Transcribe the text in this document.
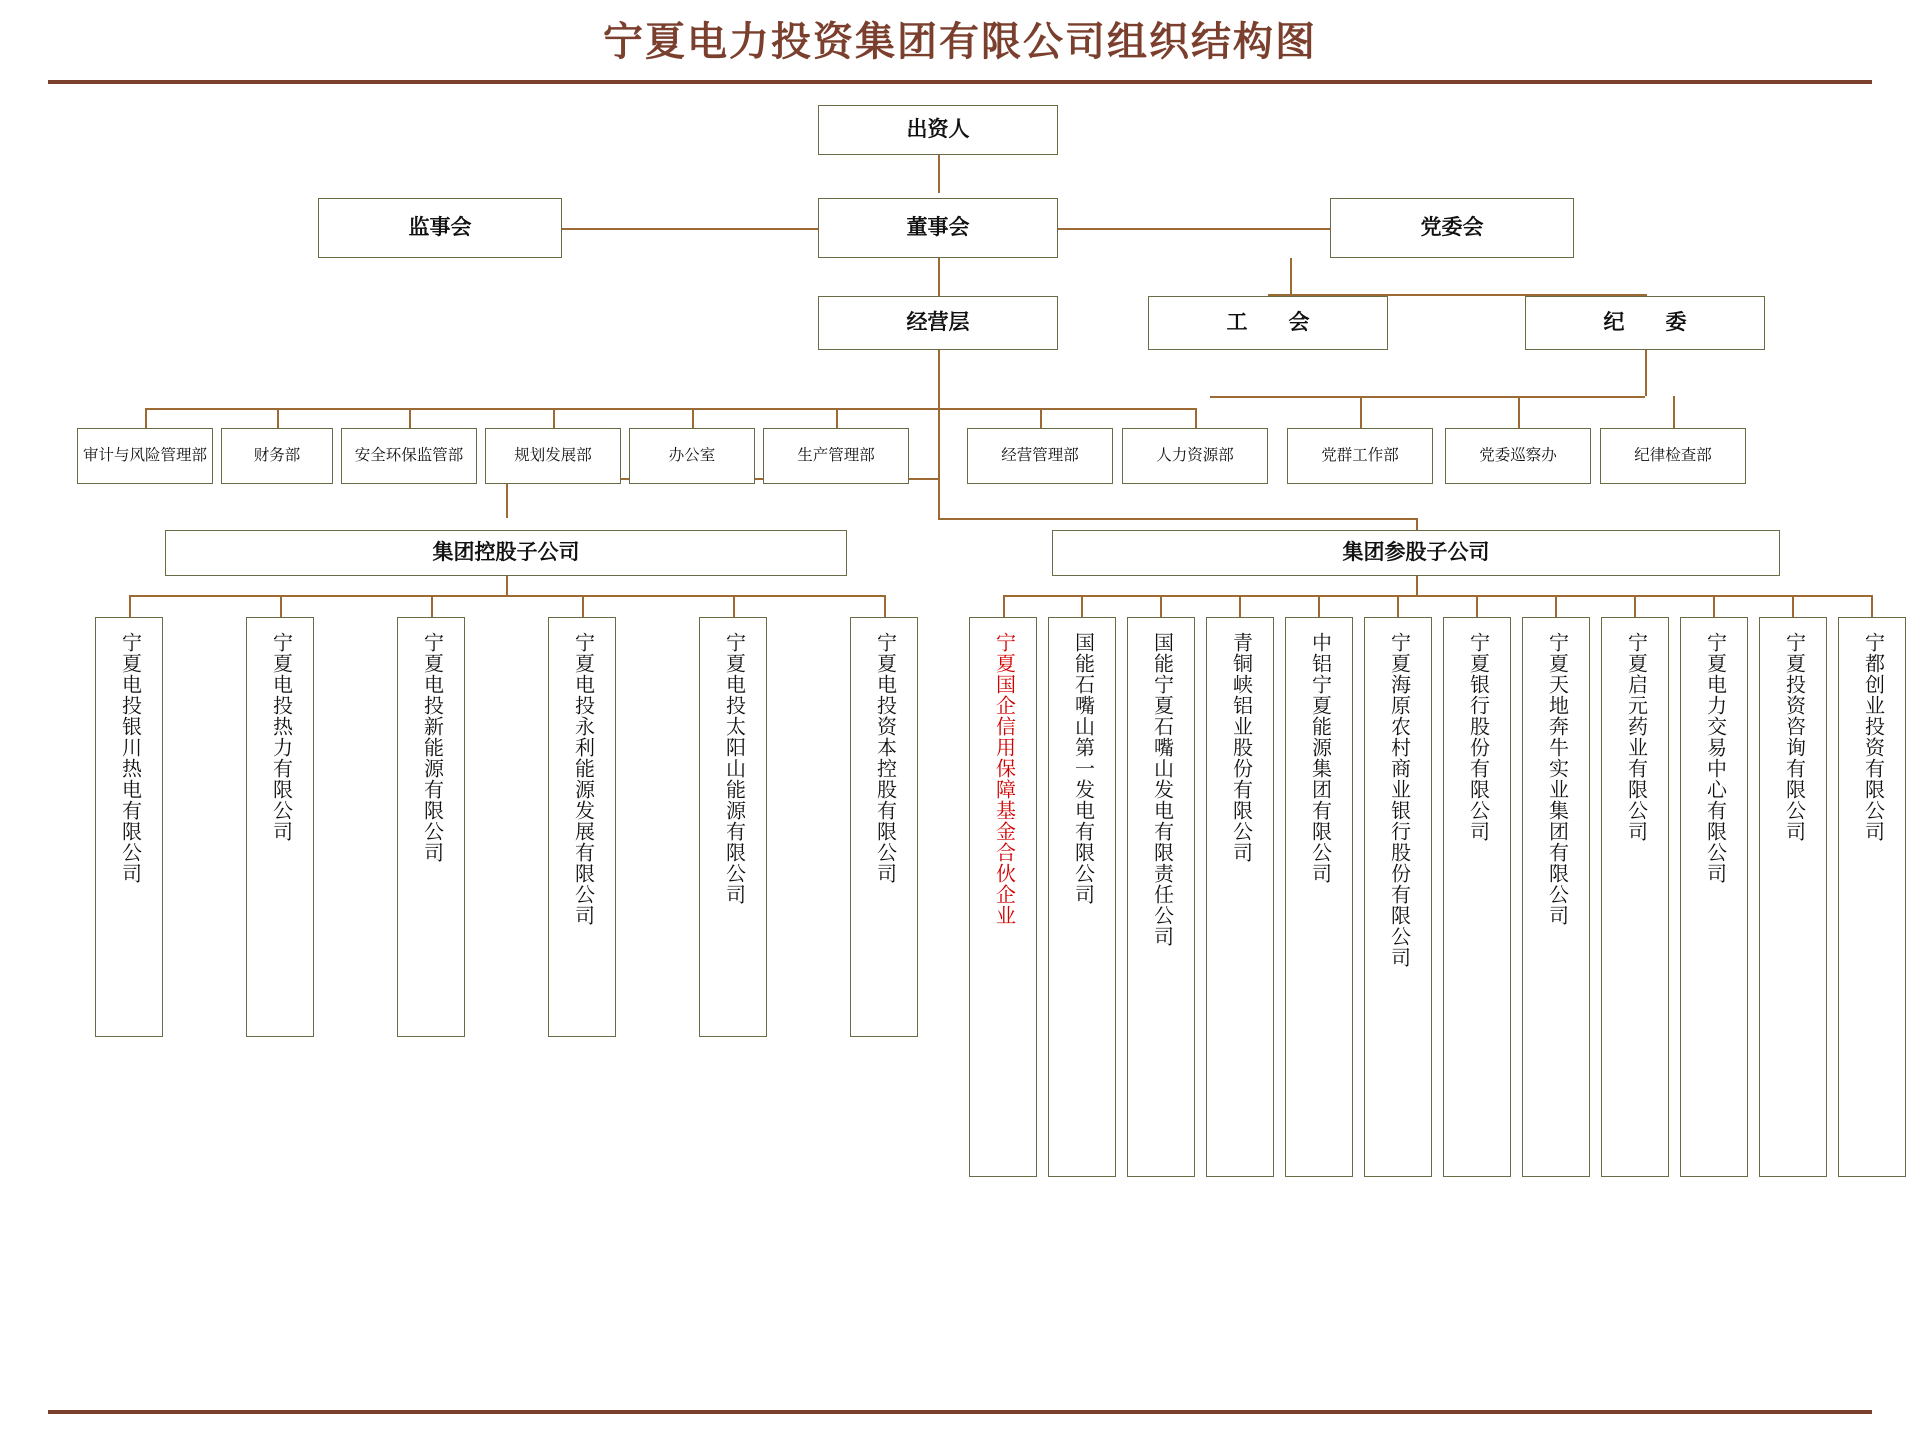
宁夏电力投资集团有限公司组织结构图
出资人
董事会
监事会	党委会
经营层	工　会	纪　委
审计与风险管理部	财务部	安全环保监管部	规划发展部	办公室	生产管理部	经营管理部	人力资源部	党群工作部	党委巡察办	纪律检查部
集团控股子公司	集团参股子公司
宁夏电投银川热电有限公司	宁夏电投热力有限公司	宁夏电投新能源有限公司	宁夏电投永利能源发展有限公司	宁夏电投太阳山能源有限公司	宁夏电投资本控股有限公司	宁夏国企信用保障基金合伙企业	国能石嘴山第一发电有限公司	国能宁夏石嘴山发电有限责任公司	青铜峡铝业股份有限公司	中铝宁夏能源集团有限公司	宁夏海原农村商业银行股份有限公司	宁夏银行股份有限公司	宁夏天地奔牛实业集团有限公司	宁夏启元药业有限公司	宁夏电力交易中心有限公司	宁夏投资咨询有限公司	宁都创业投资有限公司
